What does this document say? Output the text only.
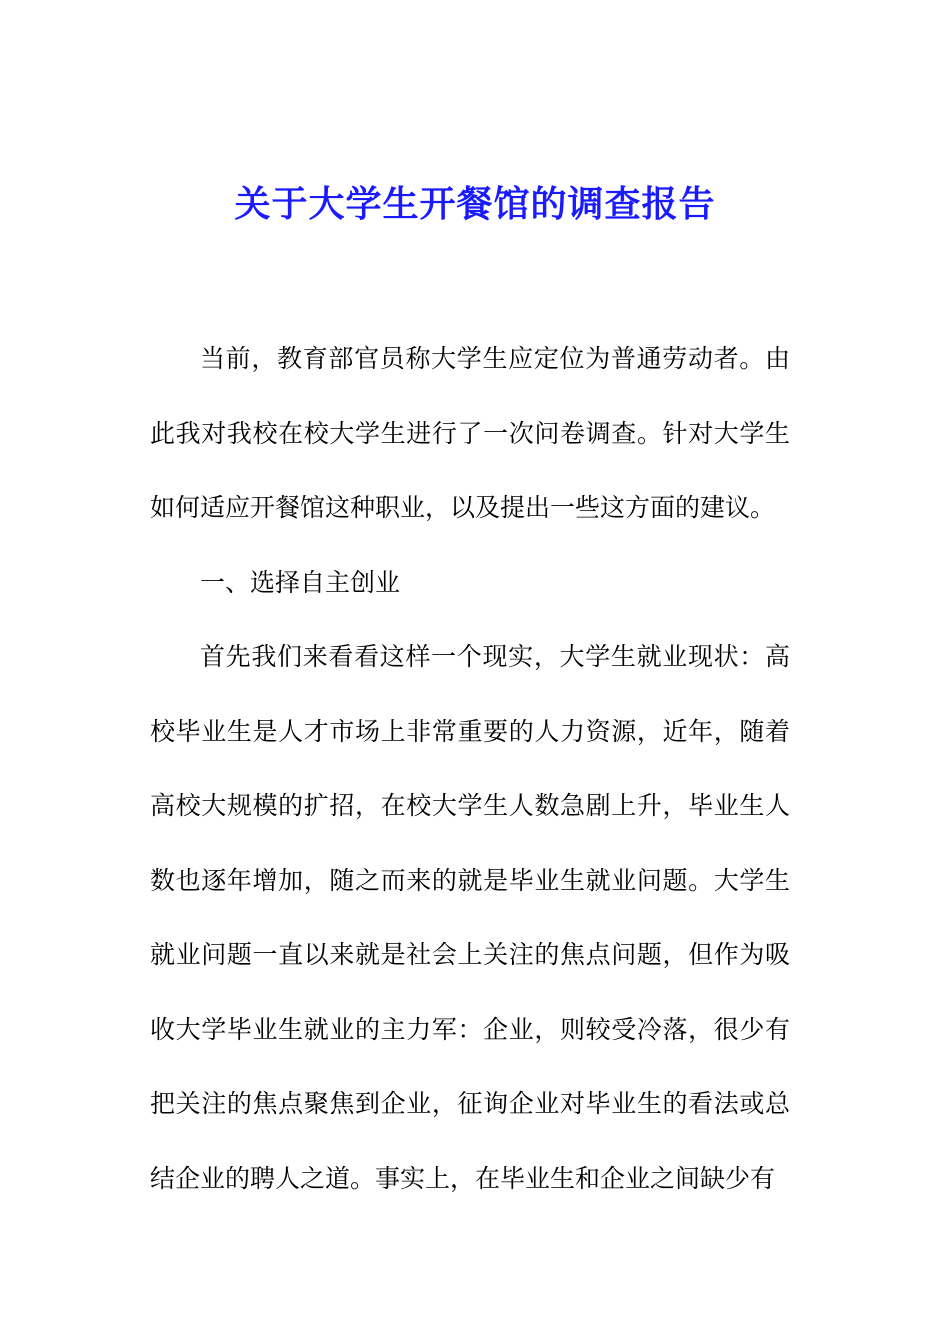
关于大学生开餐馆的调查报告

当前，教育部官员称大学生应定位为普通劳动者。由此我对我校在校大学生进行了一次问卷调查。针对大学生如何适应开餐馆这种职业，以及提出一些这方面的建议。

一、选择自主创业

首先我们来看看这样一个现实，大学生就业现状：高校毕业生是人才市场上非常重要的人力资源，近年，随着高校大规模的扩招，在校大学生人数急剧上升，毕业生人数也逐年增加，随之而来的就是毕业生就业问题。大学生就业问题一直以来就是社会上关注的焦点问题，但作为吸收大学毕业生就业的主力军：企业，则较受冷落，很少有把关注的焦点聚焦到企业，征询企业对毕业生的看法或总结企业的聘人之道。事实上，在毕业生和企业之间缺少有
